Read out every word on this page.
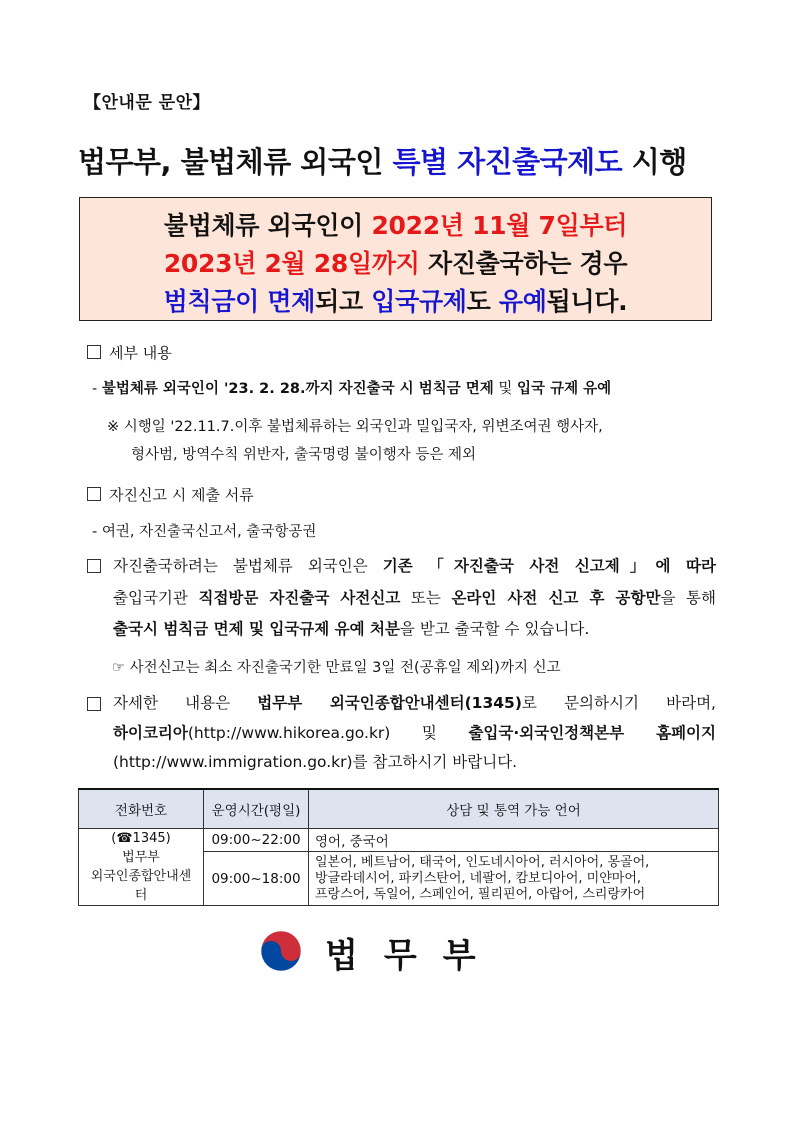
【안내문 문안】
법무부, 불법체류 외국인 특별 자진출국제도 시행
불법체류 외국인이 2022년 11월 7일부터
2023년 2월 28일까지 자진출국하는 경우
범칙금이 면제되고 입국규제도 유예됩니다.
세부 내용
- 불법체류 외국인이 '23. 2. 28.까지 자진출국 시 범칙금 면제 및 입국 규제 유예
※ 시행일 '22.11.7.이후 불법체류하는 외국인과 밀입국자, 위변조여권 행사자,
형사범, 방역수칙 위반자, 출국명령 불이행자 등은 제외
자진신고 시 제출 서류
- 여권, 자진출국신고서, 출국항공권
자진출국하려는 불법체류 외국인은 기존 「자진출국 사전 신고제」에 따라
출입국기관 직접방문 자진출국 사전신고 또는 온라인 사전 신고 후 공항만을 통해
출국시 범칙금 면제 및 입국규제 유예 처분을 받고 출국할 수 있습니다.
☞ 사전신고는 최소 자진출국기한 만료일 3일 전(공휴일 제외)까지 신고
자세한 내용은 법무부 외국인종합안내센터(1345)로 문의하시기 바라며,
하이코리아(http://www.hikorea.go.kr) 및 출입국·외국인정책본부 홈페이지
(http://www.immigration.go.kr)를 참고하시기 바랍니다.
전화번호	운영시간(평일)	상담 및 통역 가능 언어

(☎1345)
법무부
외국인종합안내센터	09:00~22:00	영어, 중국어
	09:00~18:00	일본어, 베트남어, 태국어, 인도네시아어, 러시아어, 몽골어,
방글라데시어, 파키스탄어, 네팔어, 캄보디아어, 미얀마어,
프랑스어, 독일어, 스페인어, 필리핀어, 아랍어, 스리랑카어
법무부
